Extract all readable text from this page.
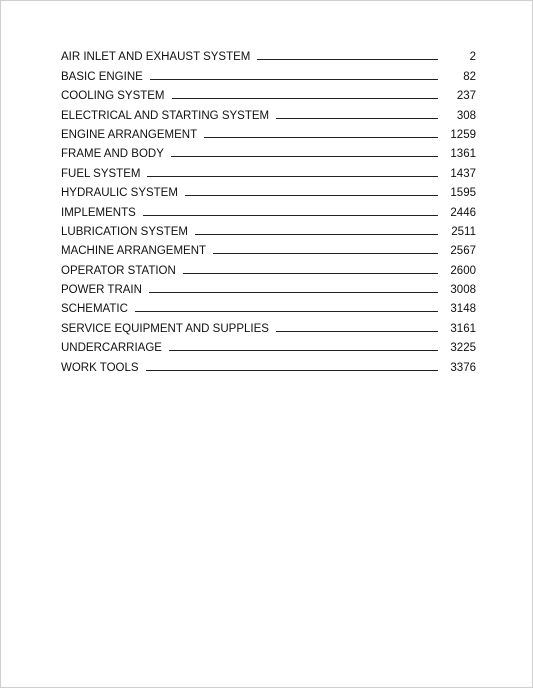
AIR INLET AND EXHAUST SYSTEM	2
BASIC ENGINE	82
COOLING SYSTEM	237
ELECTRICAL AND STARTING SYSTEM	308
ENGINE ARRANGEMENT	1259
FRAME AND BODY	1361
FUEL SYSTEM	1437
HYDRAULIC SYSTEM	1595
IMPLEMENTS	2446
LUBRICATION SYSTEM	2511
MACHINE ARRANGEMENT	2567
OPERATOR STATION	2600
POWER TRAIN	3008
SCHEMATIC	3148
SERVICE EQUIPMENT AND SUPPLIES	3161
UNDERCARRIAGE	3225
WORK TOOLS	3376
